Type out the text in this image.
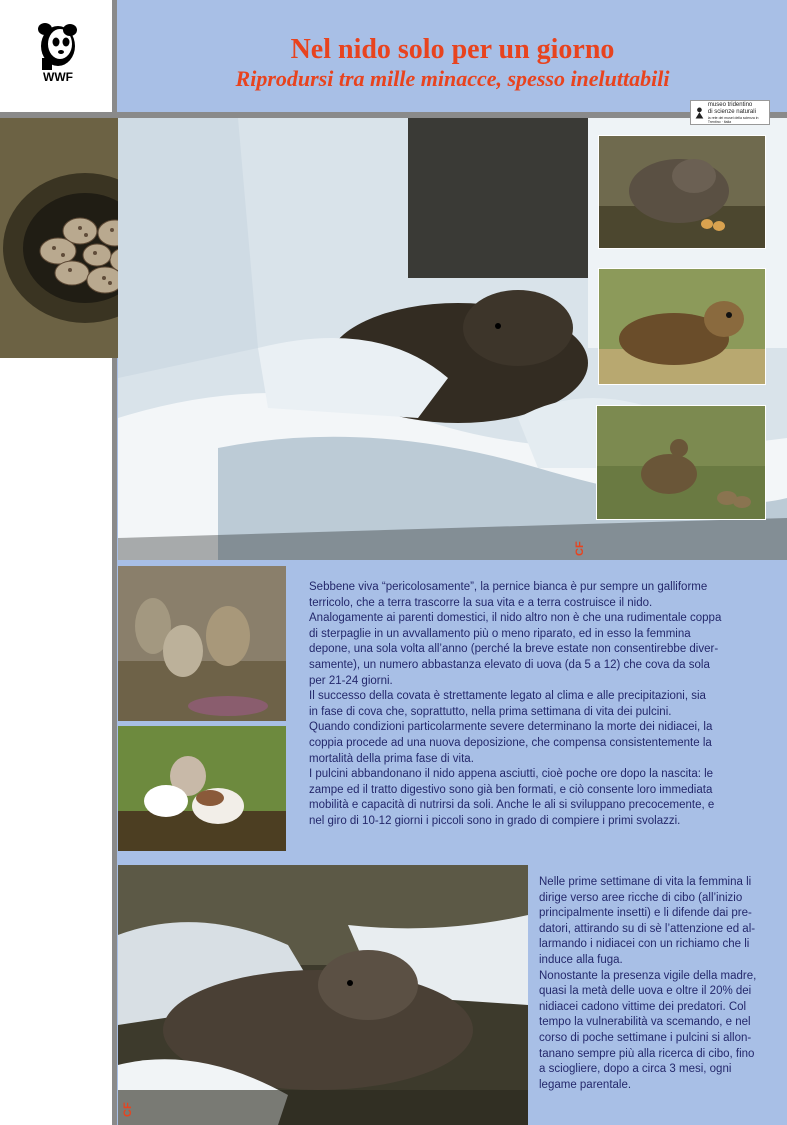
WWF
Nel nido solo per un giorno
Riprodursi tra mille minacce, spesso ineluttabili
CF

Sebbene viva “pericolosamente”, la pernice bianca è pur sempre un galliforme

terricolo, che a terra trascorre la sua vita e a terra costruisce il nido.

Analogamente ai parenti domestici, il nido altro non è che una rudimentale coppa

di sterpaglie in un avvallamento più o meno riparato, ed in esso la femmina

depone, una sola volta all’anno (perché la breve estate non consentirebbe diver-

samente), un numero abbastanza elevato di uova (da 5 a 12) che cova da sola

per 21-24 giorni.

Il successo della covata è strettamente legato al clima e alle precipitazioni, sia

in fase di cova che, soprattutto, nella prima settimana di vita dei pulcini.

Quando condizioni particolarmente severe determinano la morte dei nidiacei, la

coppia procede ad una nuova deposizione, che compensa consistentemente la

mortalità della prima fase di vita.

I pulcini abbandonano il nido appena asciutti, cioè poche ore dopo la nascita: le

zampe ed il tratto digestivo sono già ben formati, e ciò consente loro immediata

mobilità e capacità di nutrirsi da soli. Anche le ali si sviluppano precocemente, e

nel giro di 10-12 giorni i piccoli sono in grado di compiere i primi svolazzi.

CF

Nelle prime settimane di vita la femmina li

dirige verso aree ricche di cibo (all’inizio

principalmente insetti) e li difende dai pre-

datori, attirando su di sè l’attenzione ed al-

larmando i nidiacei con un richiamo che li

induce alla fuga.

Nonostante la presenza vigile della madre,

quasi la metà delle uova e oltre il 20% dei

nidiacei cadono vittime dei predatori. Col

tempo la vulnerabilità va scemando, e nel

corso di poche settimane i pulcini si allon-

tanano sempre più alla ricerca di cibo, fino

a sciogliere, dopo a circa 3 mesi, ogni

legame parentale.

museo tridentino
di scienze naturali
la rete dei musei della scienza in Trentino · Italia
